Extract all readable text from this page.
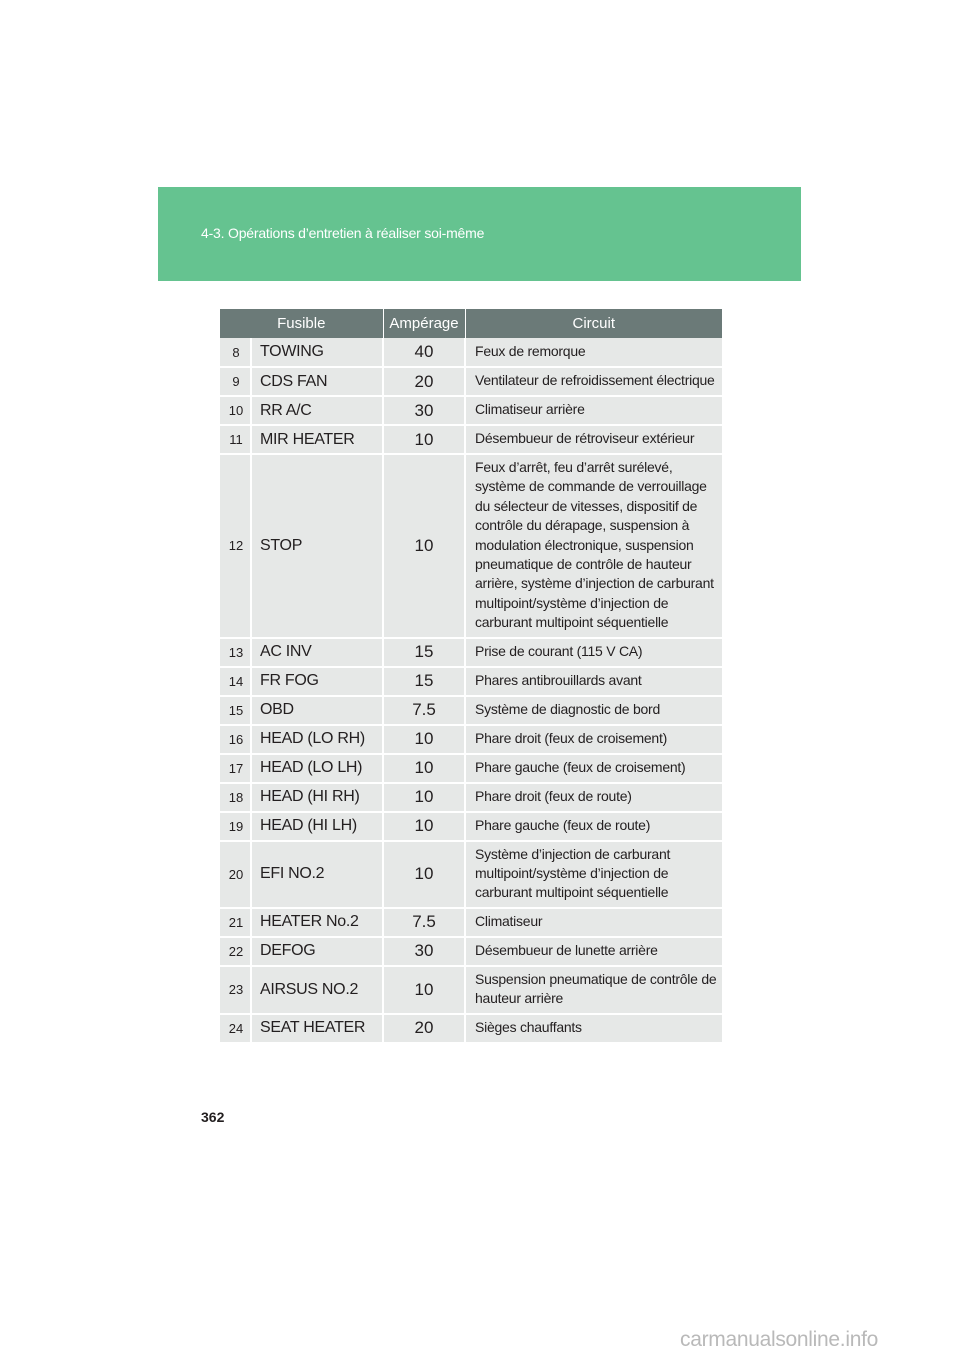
4-3. Opérations d’entretien à réaliser soi-même
Fusible		Ampérage	Circuit
8	TOWING	40	Feux de remorque
9	CDS FAN	20	Ventilateur de refroidissement électrique
10	RR A/C	30	Climatiseur arrière
11	MIR HEATER	10	Désembueur de rétroviseur extérieur
12	STOP	10	Feux d’arrêt, feu d’arrêt surélevé, système de commande de verrouillage du sélecteur de vitesses, dispositif de contrôle du dérapage, suspension à modulation électronique, suspension pneumatique de contrôle de hauteur arrière, système d’injection de carburant multipoint/système d’injection de carburant multipoint séquentielle
13	AC INV	15	Prise de courant (115 V CA)
14	FR FOG	15	Phares antibrouillards avant
15	OBD	7.5	Système de diagnostic de bord
16	HEAD (LO RH)	10	Phare droit (feux de croisement)
17	HEAD (LO LH)	10	Phare gauche (feux de croisement)
18	HEAD (HI RH)	10	Phare droit (feux de route)
19	HEAD (HI LH)	10	Phare gauche (feux de route)
20	EFI NO.2	10	Système d’injection de carburant multipoint/système d’injection de carburant multipoint séquentielle
21	HEATER No.2	7.5	Climatiseur
22	DEFOG	30	Désembueur de lunette arrière
23	AIRSUS NO.2	10	Suspension pneumatique de contrôle de hauteur arrière
24	SEAT HEATER	20	Sièges chauffants
362
carmanualsonline.info
